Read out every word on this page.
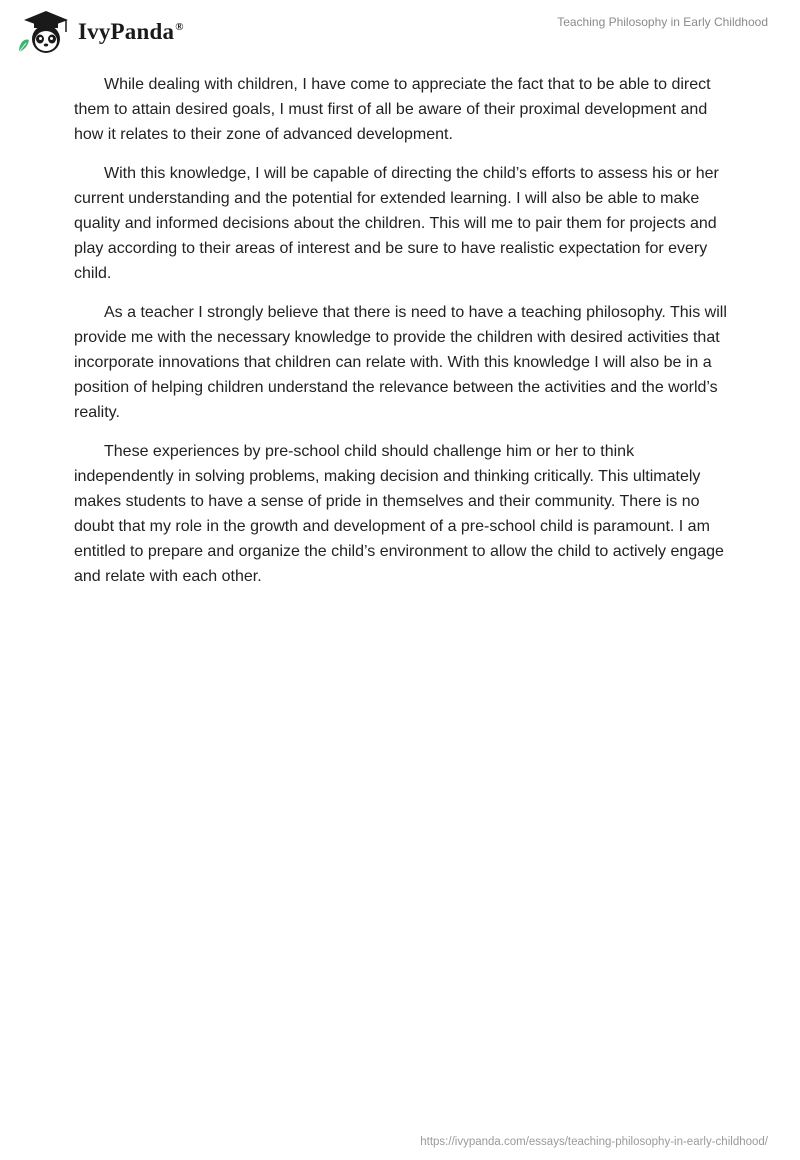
IvyPanda®	Teaching Philosophy in Early Childhood

While dealing with children, I have come to appreciate the fact that to be able to direct them to attain desired goals, I must first of all be aware of their proximal development and how it relates to their zone of advanced development.

With this knowledge, I will be capable of directing the child’s efforts to assess his or her current understanding and the potential for extended learning. I will also be able to make quality and informed decisions about the children. This will me to pair them for projects and play according to their areas of interest and be sure to have realistic expectation for every child.

As a teacher I strongly believe that there is need to have a teaching philosophy. This will provide me with the necessary knowledge to provide the children with desired activities that incorporate innovations that children can relate with. With this knowledge I will also be in a position of helping children understand the relevance between the activities and the world’s reality.

These experiences by pre-school child should challenge him or her to think independently in solving problems, making decision and thinking critically. This ultimately makes students to have a sense of pride in themselves and their community. There is no doubt that my role in the growth and development of a pre-school child is paramount. I am entitled to prepare and organize the child’s environment to allow the child to actively engage and relate with each other.

https://ivypanda.com/essays/teaching-philosophy-in-early-childhood/
